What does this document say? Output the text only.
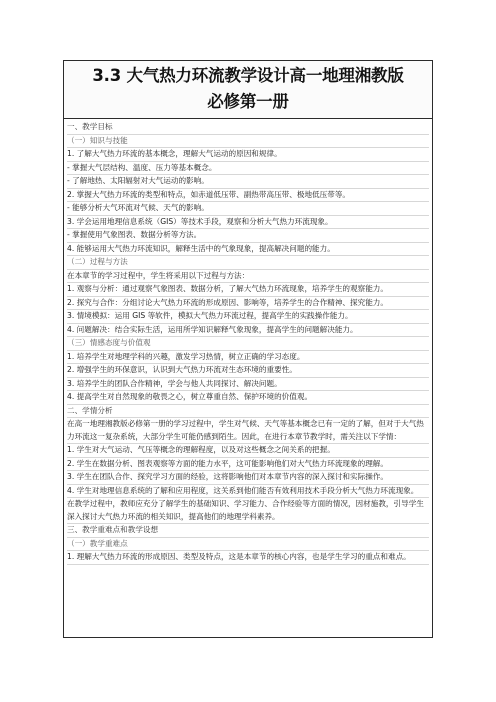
3.3 大气热力环流教学设计高一地理湘教版
必修第一册
一、教学目标
（一）知识与技能
1. 了解大气热力环流的基本概念，理解大气运动的原因和规律。
- 掌握大气层结构、温度、压力等基本概念。
- 了解地热、太阳辐射对大气运动的影响。
2. 掌握大气热力环流的类型和特点，如赤道低压带、副热带高压带、极地低压带等。
- 能够分析大气环流对气候、天气的影响。
3. 学会运用地理信息系统（GIS）等技术手段，观察和分析大气热力环流现象。
- 掌握使用气象图表、数据分析等方法。
4. 能够运用大气热力环流知识，解释生活中的气象现象，提高解决问题的能力。
（二）过程与方法
在本章节的学习过程中，学生将采用以下过程与方法：
1. 观察与分析：通过观察气象图表、数据分析，了解大气热力环流现象，培养学生的观察能力。
2. 探究与合作：分组讨论大气热力环流的形成原因、影响等，培养学生的合作精神、探究能力。
3. 情境模拟：运用 GIS 等软件，模拟大气热力环流过程，提高学生的实践操作能力。
4. 问题解决：结合实际生活，运用所学知识解释气象现象，提高学生的问题解决能力。
（三）情感态度与价值观
1. 培养学生对地理学科的兴趣，激发学习热情，树立正确的学习态度。
2. 增强学生的环保意识，认识到大气热力环流对生态环境的重要性。
3. 培养学生的团队合作精神，学会与他人共同探讨、解决问题。
4. 提高学生对自然现象的敬畏之心，树立尊重自然、保护环境的价值观。
二、学情分析
在高一地理湘教版必修第一册的学习过程中，学生对气候、天气等基本概念已有一定的了解，但对于大气热力环流这一复杂系统，大部分学生可能仍感到陌生。因此，在进行本章节教学时，需关注以下学情：
1. 学生对大气运动、气压等概念的理解程度，以及对这些概念之间关系的把握。
2. 学生在数据分析、图表观察等方面的能力水平，这可能影响他们对大气热力环流现象的理解。
3. 学生在团队合作、探究学习方面的经验，这将影响他们对本章节内容的深入探讨和实际操作。
4. 学生对地理信息系统的了解和应用程度，这关系到他们能否有效利用技术手段分析大气热力环流现象。
在教学过程中，教师应充分了解学生的基础知识、学习能力、合作经验等方面的情况，因材施教，引导学生深入探讨大气热力环流的相关知识，提高他们的地理学科素养。
三、教学重难点和教学设想
（一）教学重难点
1. 理解大气热力环流的形成原因、类型及特点，这是本章节的核心内容，也是学生学习的重点和难点。
